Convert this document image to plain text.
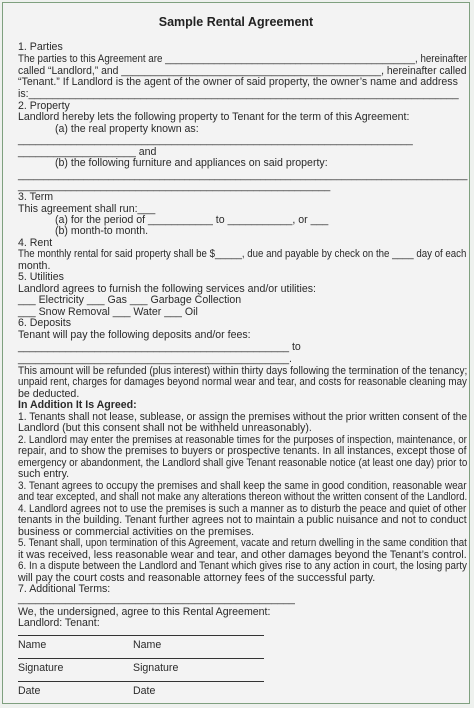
Sample Rental Agreement
1. Parties
The parties to this Agreement are ______________________________________________, hereinafter
called “Landlord,” and _____________________________________________, hereinafter called
“Tenant.” If Landlord is the agent of the owner of said property, the owner’s name and address
is:_________________________________________________________________________
2. Property
Landlord hereby lets the following property to Tenant for the term of this Agreement:
(a) the real property known as:
___________________________________________________________________
____________________ and
(b) the following furniture and appliances on said property:
_________________________________________________________________________________________
_____________________________________________________
3. Term
This agreement shall run:___
(a) for the period of ___________ to ___________, or ___
(b) month-to month.
4. Rent
The monthly rental for said property shall be $_____, due and payable by check on the ____ day of each
month.
5. Utilities
Landlord agrees to furnish the following services and/or utilities:
___ Electricity ___ Gas ___ Garbage Collection
___ Snow Removal ___ Water ___ Oil
6. Deposits
Tenant will pay the following deposits and/or fees:
______________________________________________ to
______________________________________________.
This amount will be refunded (plus interest) within thirty days following the termination of the tenancy;
unpaid rent, charges for damages beyond normal wear and tear, and costs for reasonable cleaning may
be deducted.
In Addition It Is Agreed:
1. Tenants shall not lease, sublease, or assign the premises without the prior written consent of the
Landlord (but this consent shall not be withheld unreasonably).
2. Landlord may enter the premises at reasonable times for the purposes of inspection, maintenance, or
repair, and to show the premises to buyers or prospective tenants. In all instances, except those of
emergency or abandonment, the Landlord shall give Tenant reasonable notice (at least one day) prior to
such entry.
3. Tenant agrees to occupy the premises and shall keep the same in good condition, reasonable wear
and tear excepted, and shall not make any alterations thereon without the written consent of the Landlord.
4. Landlord agrees not to use the premises is such a manner as to disturb the peace and quiet of other
tenants in the building. Tenant further agrees not to maintain a public nuisance and not to conduct
business or commercial activities on the premises.
5. Tenant shall, upon termination of this Agreement, vacate and return dwelling in the same condition that
it was received, less reasonable wear and tear, and other damages beyond the Tenant’s control.
6. In a dispute between the Landlord and Tenant which gives rise to any action in court, the losing party
will pay the court costs and reasonable attorney fees of the successful party.
7. Additional Terms:
_______________________________________________
We, the undersigned, agree to this Rental Agreement:
Landlord: Tenant:
Name	Name
Signature	Signature
Date	Date
